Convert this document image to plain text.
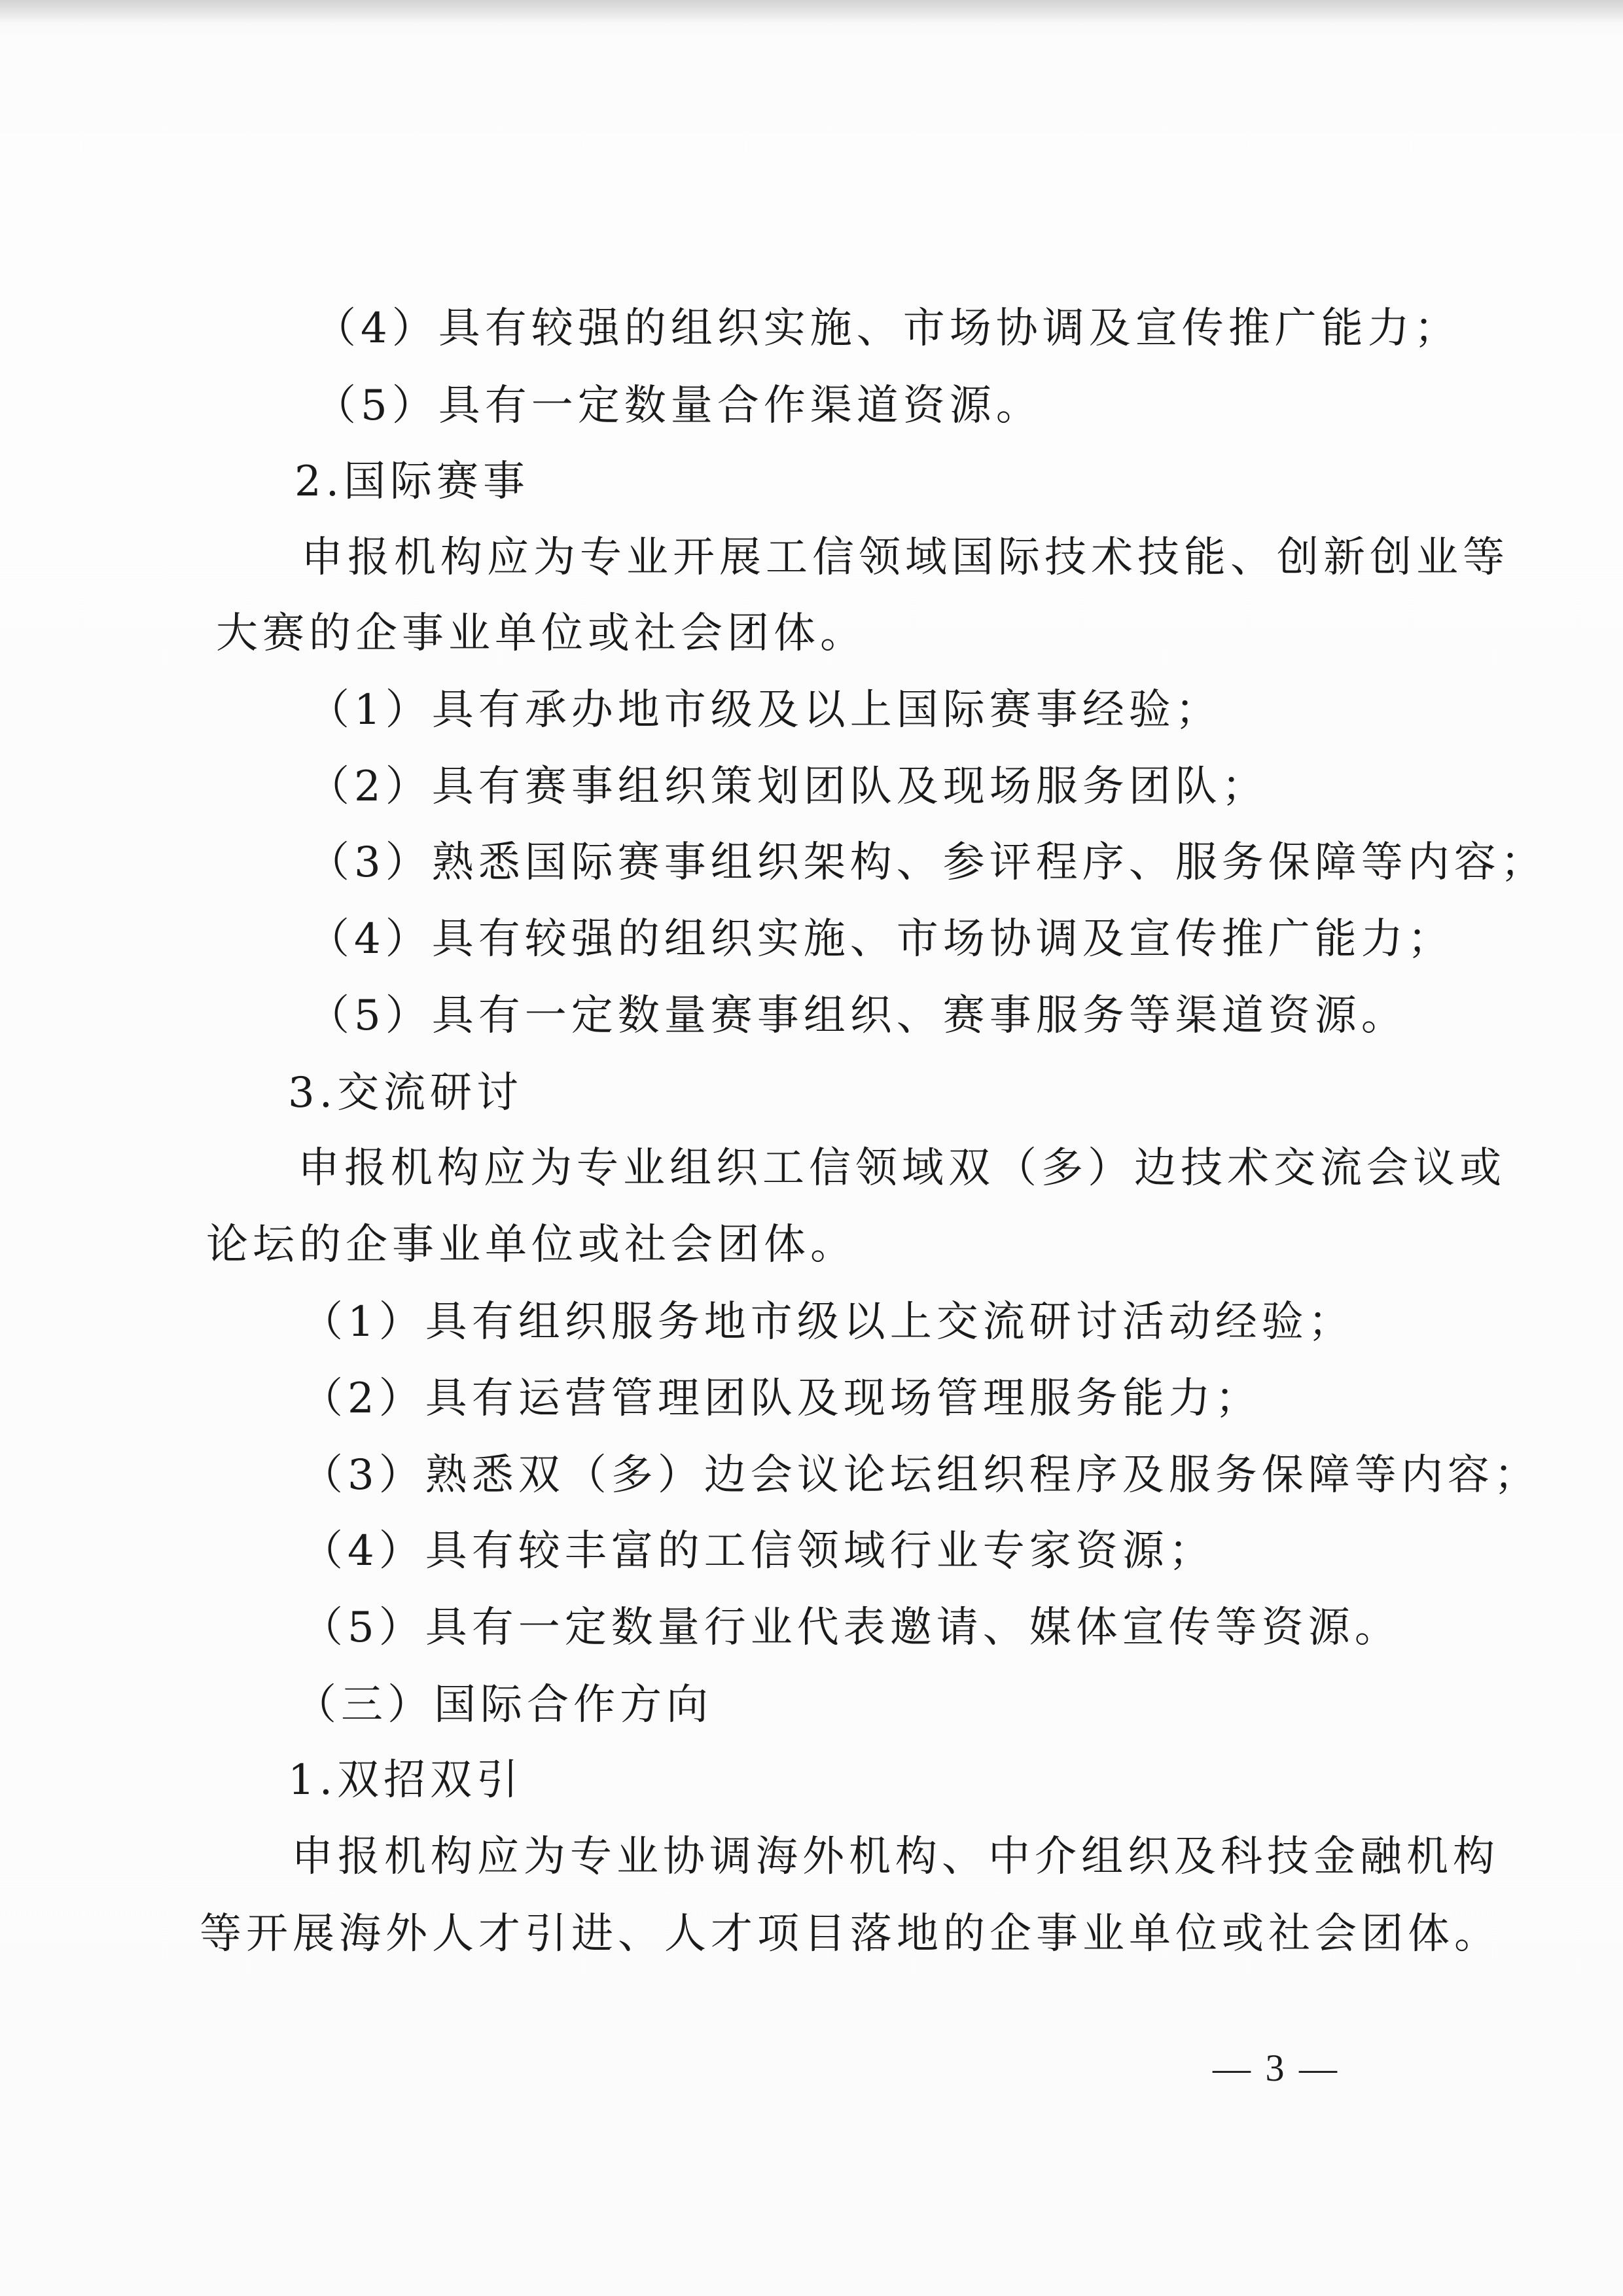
（4）具有较强的组织实施、市场协调及宣传推广能力；
（5）具有一定数量合作渠道资源。
2.国际赛事
申报机构应为专业开展工信领域国际技术技能、创新创业等
大赛的企事业单位或社会团体。
（1）具有承办地市级及以上国际赛事经验；
（2）具有赛事组织策划团队及现场服务团队；
（3）熟悉国际赛事组织架构、参评程序、服务保障等内容；
（4）具有较强的组织实施、市场协调及宣传推广能力；
（5）具有一定数量赛事组织、赛事服务等渠道资源。
3.交流研讨
申报机构应为专业组织工信领域双（多）边技术交流会议或
论坛的企事业单位或社会团体。
（1）具有组织服务地市级以上交流研讨活动经验；
（2）具有运营管理团队及现场管理服务能力；
（3）熟悉双（多）边会议论坛组织程序及服务保障等内容；
（4）具有较丰富的工信领域行业专家资源；
（5）具有一定数量行业代表邀请、媒体宣传等资源。
（三）国际合作方向
1.双招双引
申报机构应为专业协调海外机构、中介组织及科技金融机构
等开展海外人才引进、人才项目落地的企事业单位或社会团体。
— 3 —
